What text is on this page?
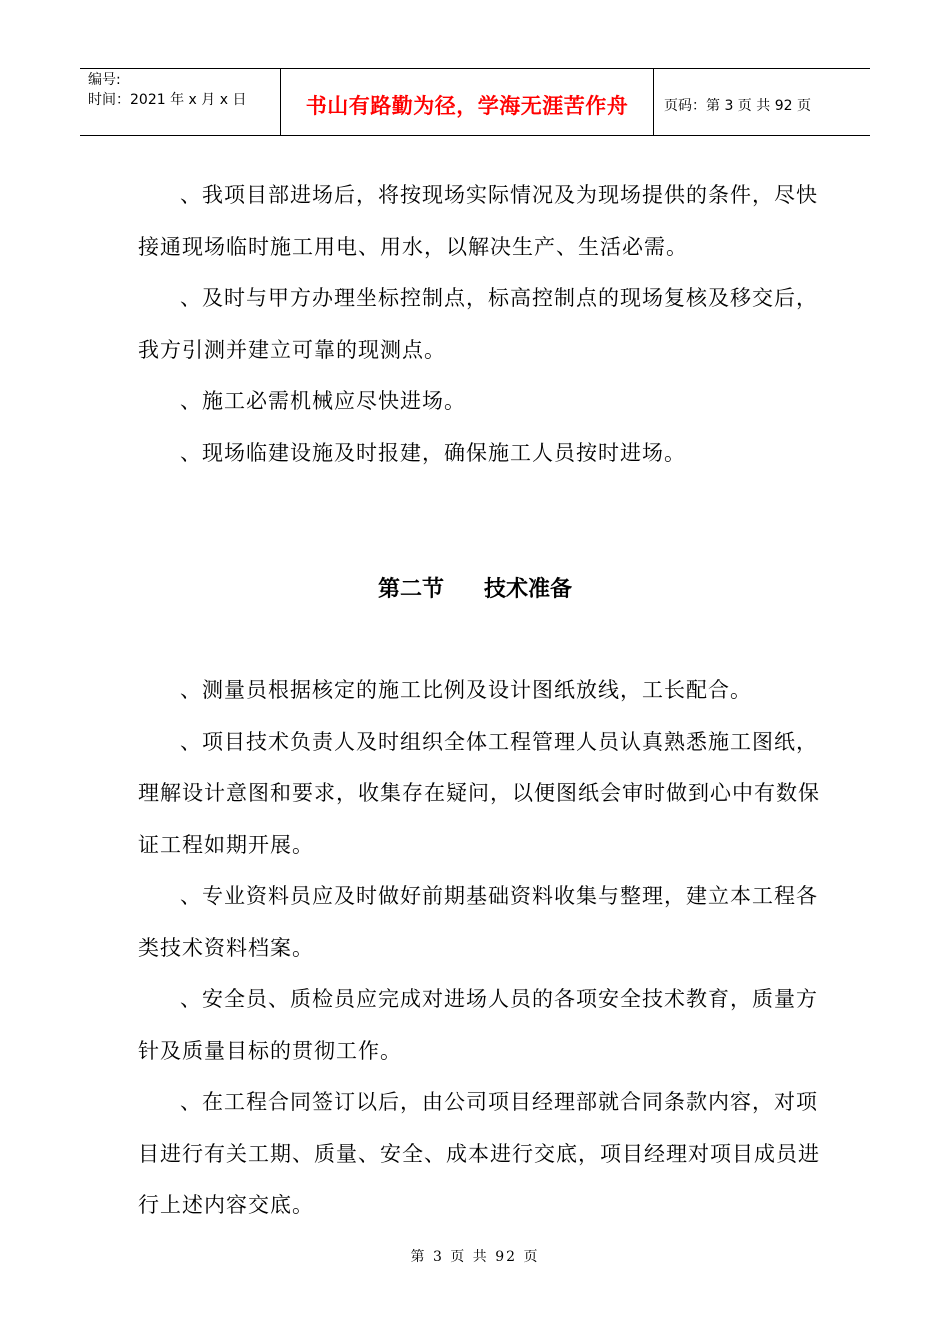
编号:
时间：2021 年 x 月 x 日	书山有路勤为径，学海无涯苦作舟	页码：第 3 页 共 92 页

、我项目部进场后，将按现场实际情况及为现场提供的条件，尽快接通现场临时施工用电、用水，以解决生产、生活必需。

、及时与甲方办理坐标控制点，标高控制点的现场复核及移交后，我方引测并建立可靠的现测点。

、施工必需机械应尽快进场。

、现场临建设施及时报建，确保施工人员按时进场。

第二节 技术准备

、测量员根据核定的施工比例及设计图纸放线，工长配合。

、项目技术负责人及时组织全体工程管理人员认真熟悉施工图纸，理解设计意图和要求，收集存在疑问，以便图纸会审时做到心中有数保证工程如期开展。

、专业资料员应及时做好前期基础资料收集与整理，建立本工程各类技术资料档案。

、安全员、质检员应完成对进场人员的各项安全技术教育，质量方针及质量目标的贯彻工作。

、在工程合同签订以后，由公司项目经理部就合同条款内容，对项目进行有关工期、质量、安全、成本进行交底，项目经理对项目成员进行上述内容交底。

第 3 页 共 92 页
